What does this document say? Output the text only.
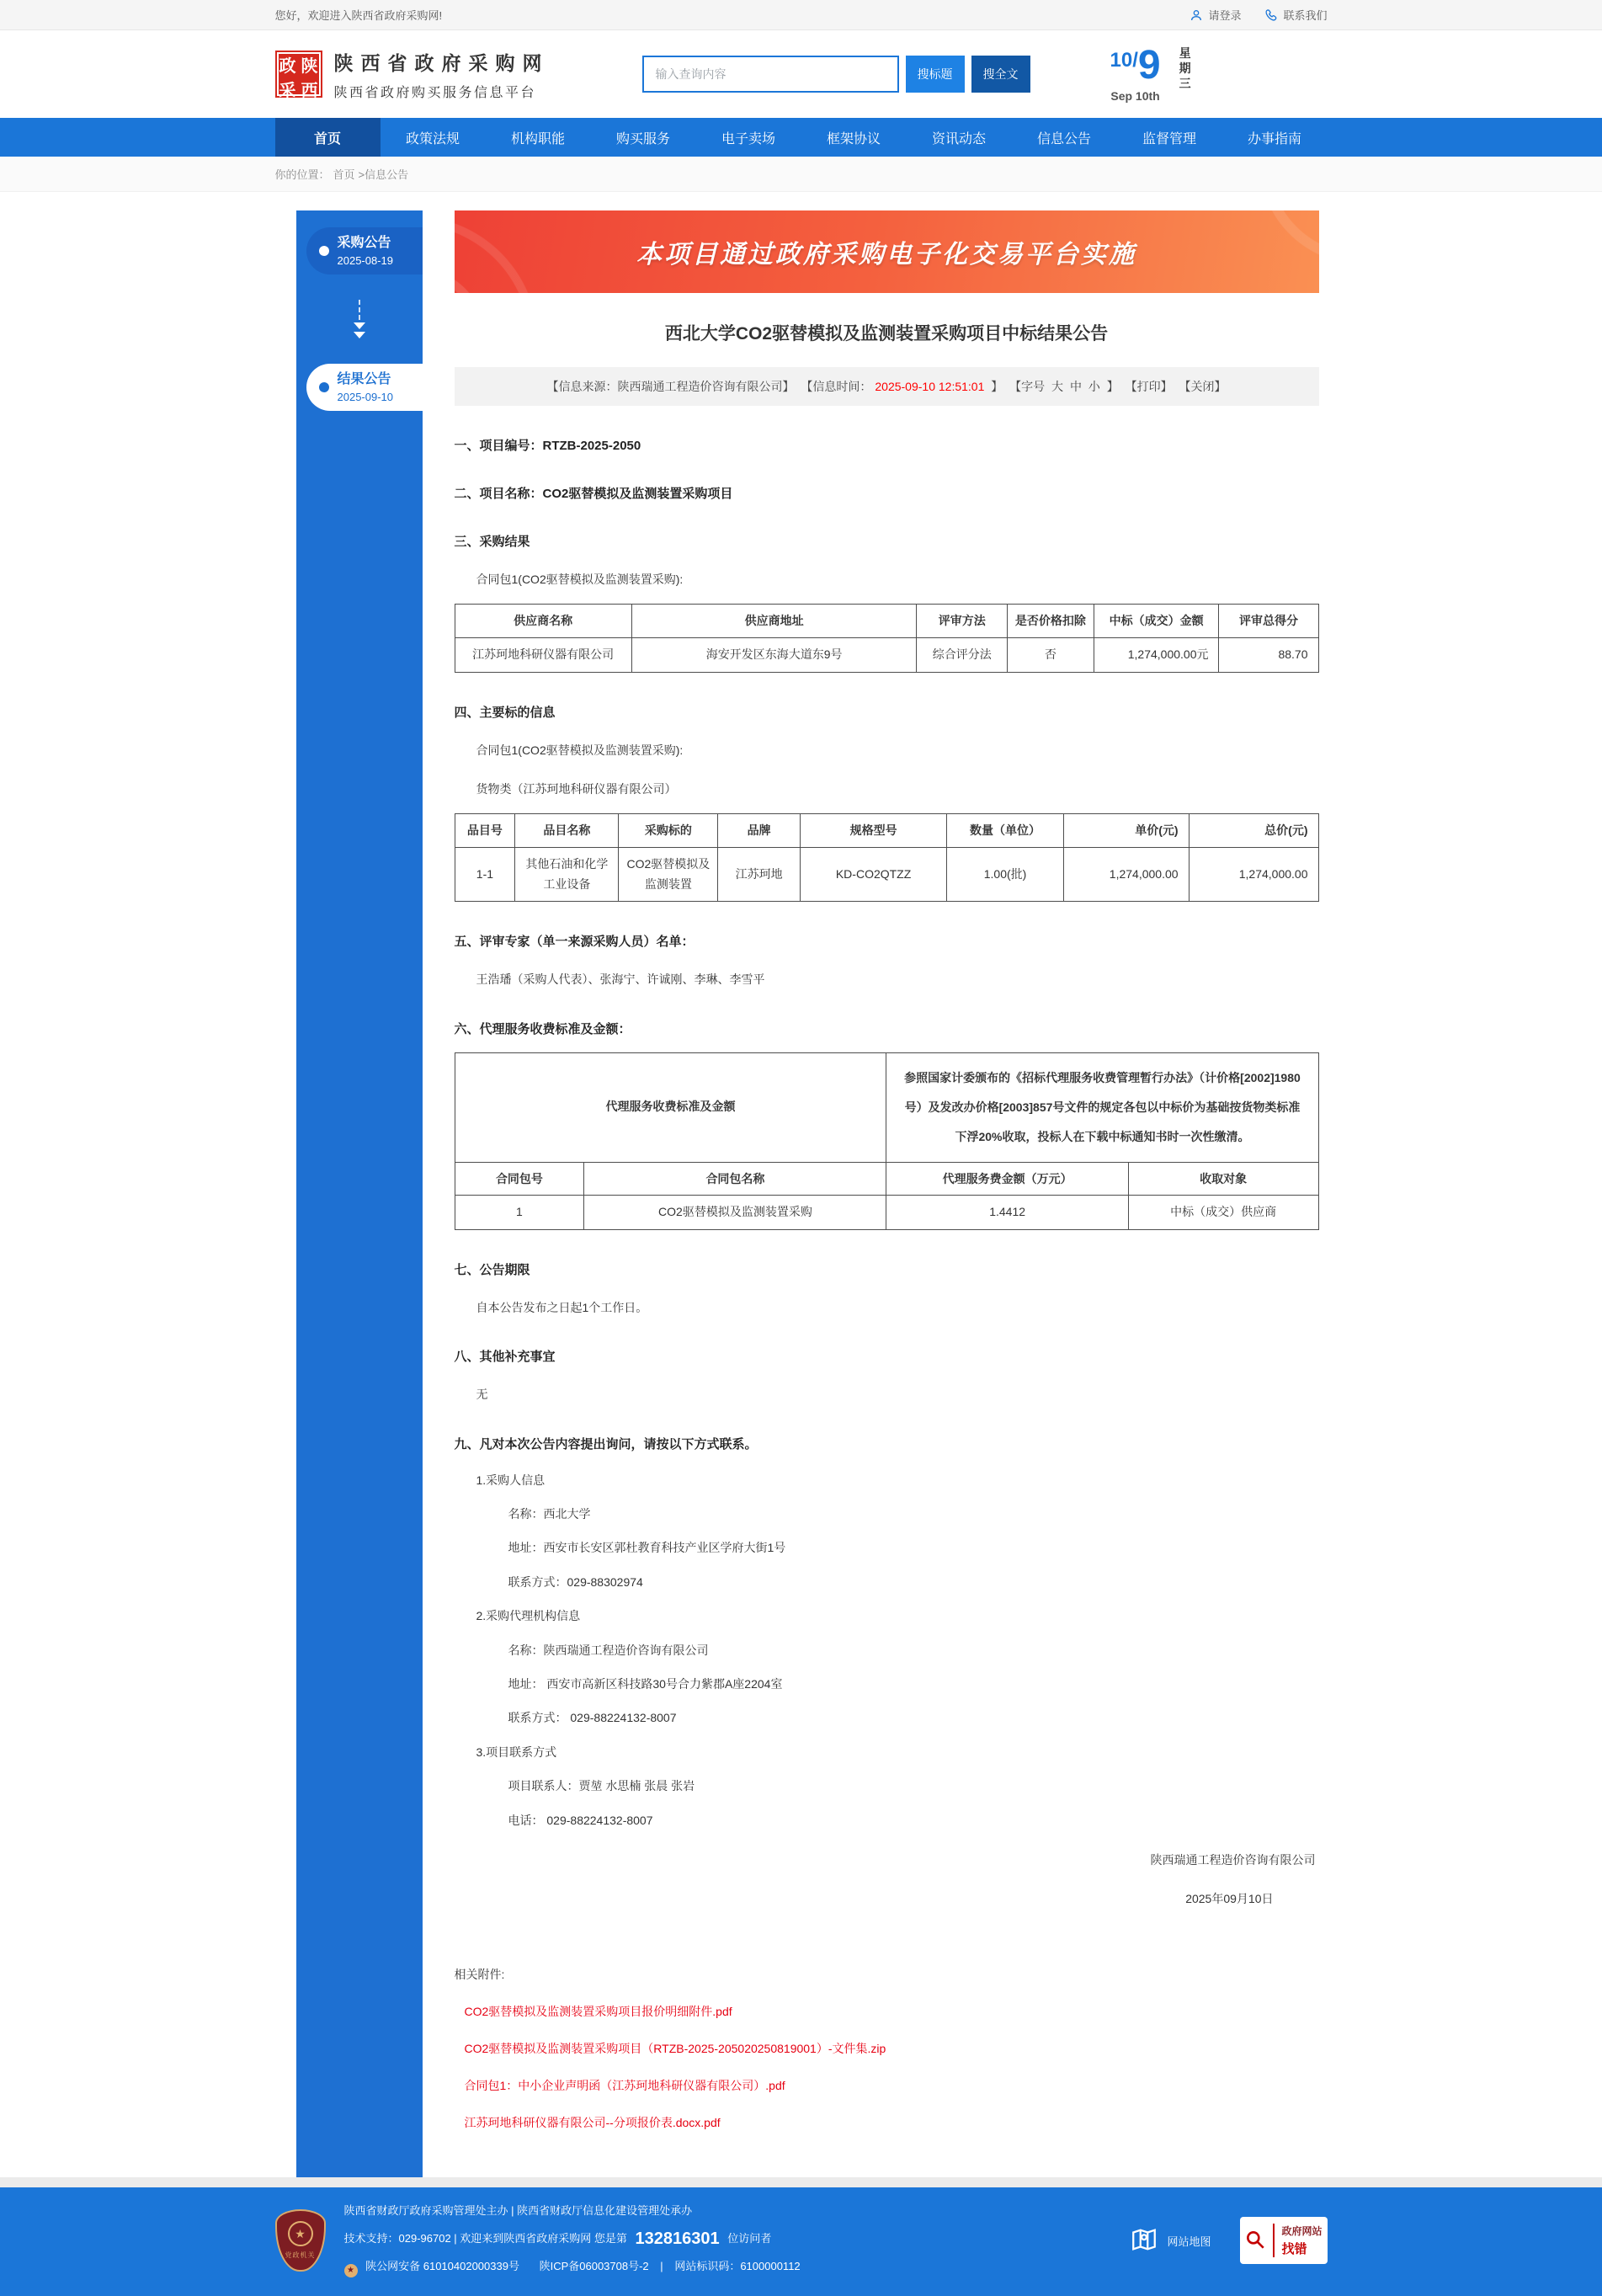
您好，欢迎进入陕西省政府采购网!	请登录	联系我们
政 陕
采 西
陕西省政府采购网
陕西省政府购买服务信息平台
输入查询内容
搜标题	搜全文
10/9
Sep 10th
星期三
首页	政策法规	机构职能	购买服务	电子卖场	框架协议	资讯动态	信息公告	监督管理	办事指南
你的位置： 首页 >信息公告
采购公告
2025-08-19
结果公告
2025-09-10
本项目通过政府采购电子化交易平台实施
西北大学CO2驱替模拟及监测装置采购项目中标结果公告
【信息来源：陕西瑞通工程造价咨询有限公司】 【信息时间： 2025-09-10 12:51:01 】 【字号 大 中 小 】 【打印】 【关闭】
一、项目编号：RTZB-2025-2050
二、项目名称：CO2驱替模拟及监测装置采购项目
三、采购结果

合同包1(CO2驱替模拟及监测装置采购):

供应商名称	供应商地址	评审方法	是否价格扣除	中标（成交）金额	评审总得分
江苏珂地科研仪器有限公司	海安开发区东海大道东9号	综合评分法	否	1,274,000.00元	88.70
四、主要标的信息

合同包1(CO2驱替模拟及监测装置采购):

货物类（江苏珂地科研仪器有限公司）

品目号	品目名称	采购标的	品牌	规格型号	数量（单位）	单价(元)	总价(元)
1-1	其他石油和化学工业设备	CO2驱替模拟及监测装置	江苏珂地	KD-CO2QTZZ	1.00(批)	1,274,000.00	1,274,000.00
五、评审专家（单一来源采购人员）名单：

王浩璠（采购人代表）、张海宁、许诚刚、李琳、李雪平

六、代理服务收费标准及金额：
代理服务收费标准及金额		参照国家计委颁布的《招标代理服务收费管理暂行办法》（计价格[2002]1980号）及发改办价格[2003]857号文件的规定各包以中标价为基础按货物类标准下浮20%收取，投标人在下载中标通知书时一次性缴清。	
合同包号	合同包名称	代理服务费金额（万元）	收取对象
1	CO2驱替模拟及监测装置采购	1.4412	中标（成交）供应商
七、公告期限

自本公告发布之日起1个工作日。

八、其他补充事宜

无

九、凡对本次公告内容提出询问，请按以下方式联系。

1.采购人信息

名称：西北大学

地址：西安市长安区郭杜教育科技产业区学府大街1号

联系方式：029-88302974

2.采购代理机构信息

名称：陕西瑞通工程造价咨询有限公司

地址： 西安市高新区科技路30号合力紫郡A座2204室

联系方式： 029-88224132-8007

3.项目联系方式

项目联系人：贾堃 水思楠 张晨 张岩

电话： 029-88224132-8007

陕西瑞通工程造价咨询有限公司
2025年09月10日
相关附件:
CO2驱替模拟及监测装置采购项目报价明细附件.pdf
CO2驱替模拟及监测装置采购项目（RTZB-2025-205020250819001）-文件集.zip
合同包1：中小企业声明函（江苏珂地科研仪器有限公司）.pdf
江苏珂地科研仪器有限公司--分项报价表.docx.pdf
★
党政机关
陕西省财政厅政府采购管理处主办 | 陕西省财政厅信息化建设管理处承办
技术支持：029-96702 | 欢迎来到陕西省政府采购网 您是第 132816301 位访问者
★ 陕公网安备 61010402000339号 陕ICP备06003708号-2 | 网站标识码：6100000112
网站地图
政府网站
找错
